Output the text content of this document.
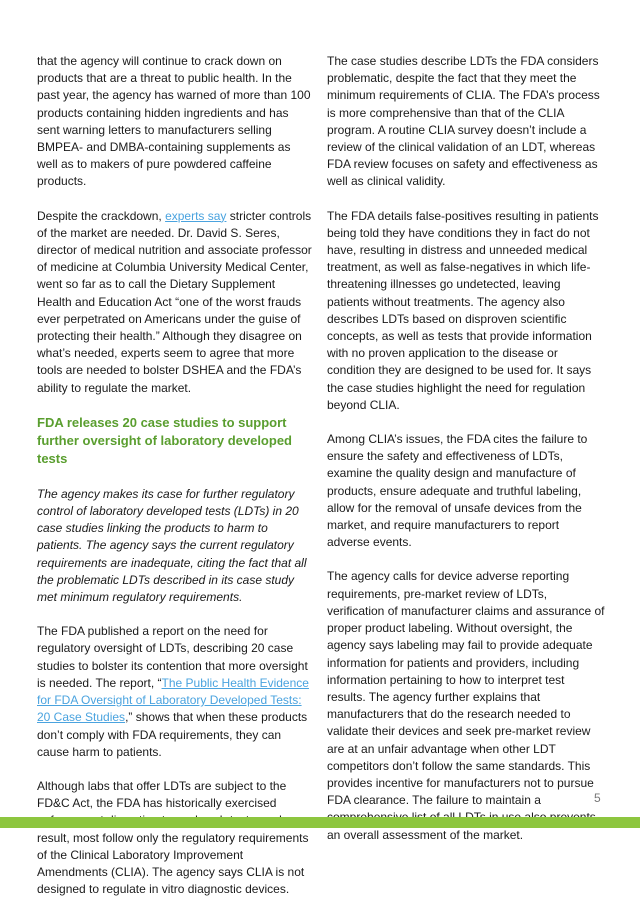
that the agency will continue to crack down on products that are a threat to public health. In the past year, the agency has warned of more than 100 products containing hidden ingredients and has sent warning letters to manufacturers selling BMPEA- and DMBA-containing supplements as well as to makers of pure powdered caffeine products.

Despite the crackdown, experts say stricter controls of the market are needed. Dr. David S. Seres, director of medical nutrition and associate professor of medicine at Columbia University Medical Center, went so far as to call the Dietary Supplement Health and Education Act “one of the worst frauds ever perpetrated on Americans under the guise of protecting their health.” Although they disagree on what’s needed, experts seem to agree that more tools are needed to bolster DSHEA and the FDA’s ability to regulate the market.

FDA releases 20 case studies to support further oversight of laboratory developed tests

The agency makes its case for further regulatory control of laboratory developed tests (LDTs) in 20 case studies linking the products to harm to patients. The agency says the current regulatory requirements are inadequate, citing the fact that all the problematic LDTs described in its case study met minimum regulatory requirements.

The FDA published a report on the need for regulatory oversight of LDTs, describing 20 case studies to bolster its contention that more oversight is needed. The report, “The Public Health Evidence for FDA Oversight of Laboratory Developed Tests: 20 Case Studies,” shows that when these products don’t comply with FDA requirements, they can cause harm to patients.

Although labs that offer LDTs are subject to the FD&C Act, the FDA has historically exercised result, most follow only the regulatory requirements of the Clinical Laboratory Improvement Amendments (CLIA). The agency says CLIA is not designed to regulate in vitro diagnostic devices.

The case studies describe LDTs the FDA considers problematic, despite the fact that they meet the minimum requirements of CLIA. The FDA’s process is more comprehensive than that of the CLIA program. A routine CLIA survey doesn’t include a review of the clinical validation of an LDT, whereas FDA review focuses on safety and effectiveness as well as clinical validity.

The FDA details false-positives resulting in patients being told they have conditions they in fact do not have, resulting in distress and unneeded medical treatment, as well as false-negatives in which life-threatening illnesses go undetected, leaving patients without treatments. The agency also describes LDTs based on disproven scientific concepts, as well as tests that provide information with no proven application to the disease or condition they are designed to be used for. It says the case studies highlight the need for regulation beyond CLIA.

Among CLIA’s issues, the FDA cites the failure to ensure the safety and effectiveness of LDTs, examine the quality design and manufacture of products, ensure adequate and truthful labeling, allow for the removal of unsafe devices from the market, and require manufacturers to report adverse events.

The agency calls for device adverse reporting requirements, pre-market review of LDTs, verification of manufacturer claims and assurance of proper product labeling. Without oversight, the agency says labeling may fail to provide adequate information for patients and providers, including information pertaining to how to interpret test results. The agency further explains that manufacturers that do the research needed to validate their devices and seek pre-market review are at an unfair advantage when other LDT competitors don’t follow the same standards. This provides incentive for manufacturers not to pursue FDA clearance. The failure to maintain a an overall assessment of the market.

5
